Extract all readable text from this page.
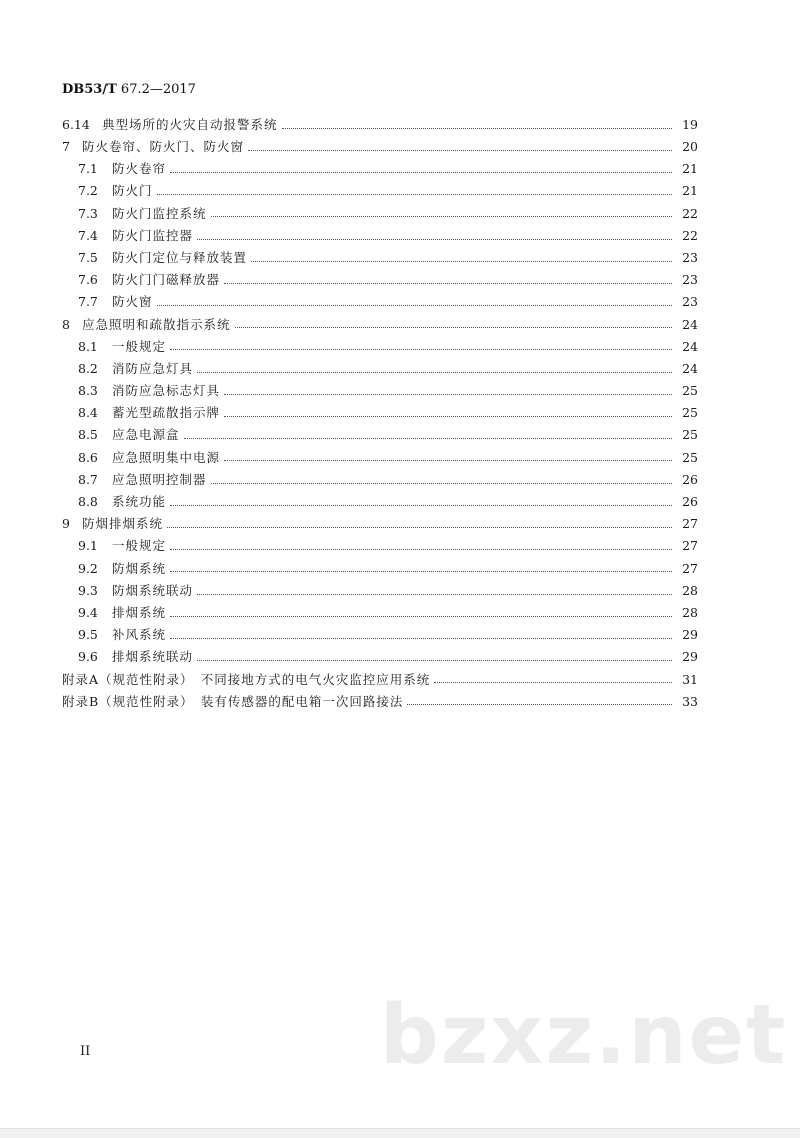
DB53/T 67.2—2017
6.14 典型场所的火灾自动报警系统	19
7 防火卷帘、防火门、防火窗	20
7.1	防火卷帘	21
7.2	防火门	21
7.3	防火门监控系统	22
7.4	防火门监控器	22
7.5	防火门定位与释放装置	23
7.6	防火门门磁释放器	23
7.7	防火窗	23
8 应急照明和疏散指示系统	24
8.1	一般规定	24
8.2	消防应急灯具	24
8.3	消防应急标志灯具	25
8.4	蓄光型疏散指示牌	25
8.5	应急电源盒	25
8.6	应急照明集中电源	25
8.7	应急照明控制器	26
8.8	系统功能	26
9 防烟排烟系统	27
9.1	一般规定	27
9.2	防烟系统	27
9.3	防烟系统联动	28
9.4	排烟系统	28
9.5	补风系统	29
9.6	排烟系统联动	29
附录A（规范性附录）　不同接地方式的电气火灾监控应用系统	31
附录B（规范性附录）　装有传感器的配电箱一次回路接法	33
II	bzxz.net
